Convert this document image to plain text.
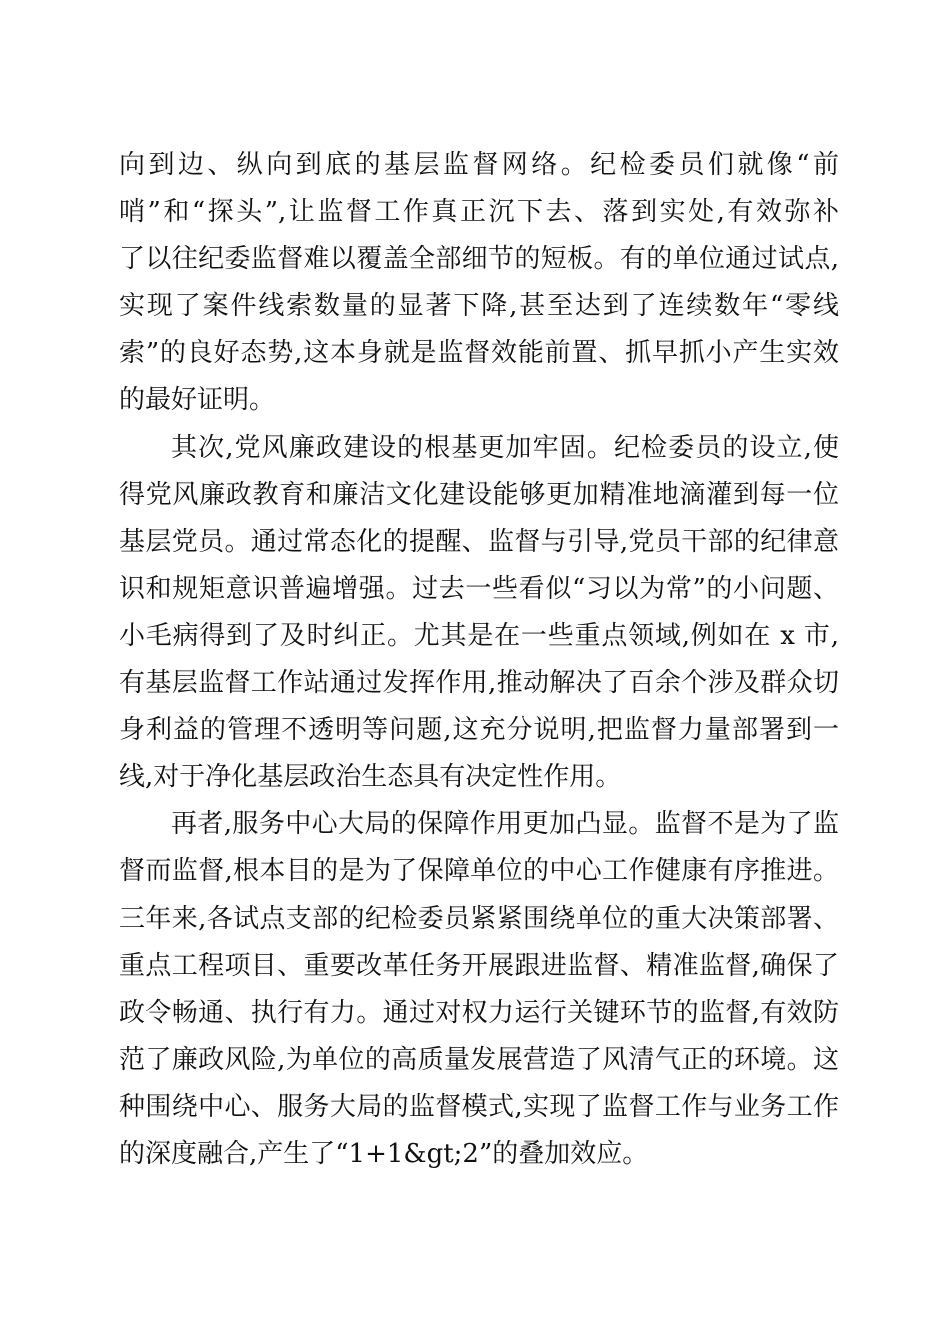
向到边、纵向到底的基层监督网络。纪检委员们就像“前
哨”和“探头”,让监督工作真正沉下去、落到实处,有效弥补
了以往纪委监督难以覆盖全部细节的短板。有的单位通过试点,
实现了案件线索数量的显著下降,甚至达到了连续数年“零线
索”的良好态势,这本身就是监督效能前置、抓早抓小产生实效
的最好证明。
其次,党风廉政建设的根基更加牢固。纪检委员的设立,使
得党风廉政教育和廉洁文化建设能够更加精准地滴灌到每一位
基层党员。通过常态化的提醒、监督与引导,党员干部的纪律意
识和规矩意识普遍增强。过去一些看似“习以为常”的小问题、
小毛病得到了及时纠正。尤其是在一些重点领域,例如在 x 市,
有基层监督工作站通过发挥作用,推动解决了百余个涉及群众切
身利益的管理不透明等问题,这充分说明,把监督力量部署到一
线,对于净化基层政治生态具有决定性作用。
再者,服务中心大局的保障作用更加凸显。监督不是为了监
督而监督,根本目的是为了保障单位的中心工作健康有序推进。
三年来,各试点支部的纪检委员紧紧围绕单位的重大决策部署、
重点工程项目、重要改革任务开展跟进监督、精准监督,确保了
政令畅通、执行有力。通过对权力运行关键环节的监督,有效防
范了廉政风险,为单位的高质量发展营造了风清气正的环境。这
种围绕中心、服务大局的监督模式,实现了监督工作与业务工作
的深度融合,产生了“1+1&gt;2”的叠加效应。
